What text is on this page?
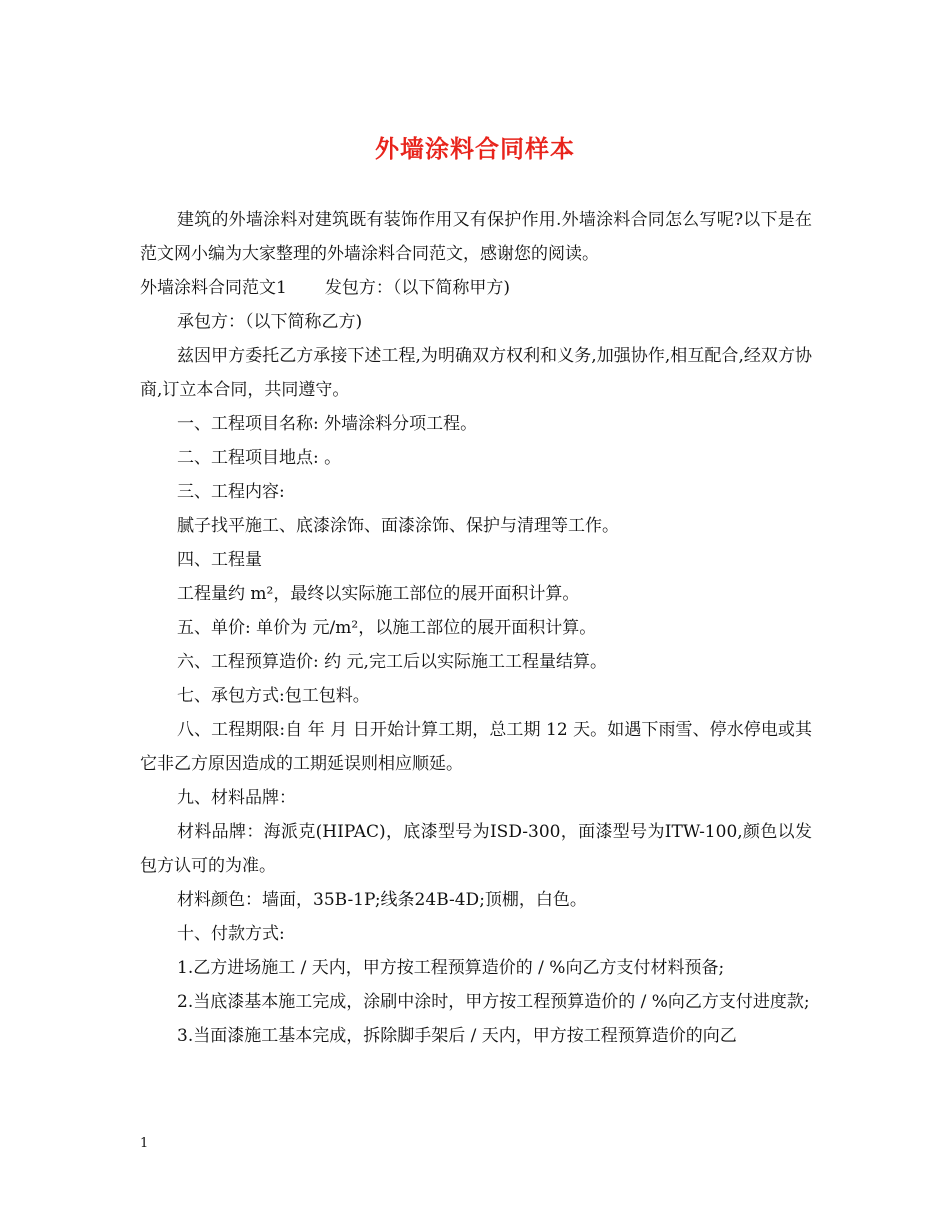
外墙涂料合同样本

建筑的外墙涂料对建筑既有装饰作用又有保护作用.外墙涂料合同怎么写呢?以下是在范文网小编为大家整理的外墙涂料合同范文，感谢您的阅读。

外墙涂料合同范文1 发包方：（以下简称甲方)

承包方：（以下简称乙方)

兹因甲方委托乙方承接下述工程,为明确双方权利和义务,加强协作,相互配合,经双方协商,订立本合同，共同遵守。

一、工程项目名称: 外墙涂料分项工程。

二、工程项目地点: 。

三、工程内容:

腻子找平施工、底漆涂饰、面漆涂饰、保护与清理等工作。

四、工程量

工程量约 m²，最终以实际施工部位的展开面积计算。

五、单价: 单价为 元/m²，以施工部位的展开面积计算。

六、工程预算造价: 约 元,完工后以实际施工工程量结算。

七、承包方式:包工包料。

八、工程期限:自 年 月 日开始计算工期，总工期 12 天。如遇下雨雪、停水停电或其它非乙方原因造成的工期延误则相应顺延。

九、材料品牌：

材料品牌：海派克(HIPAC)，底漆型号为ISD-300，面漆型号为ITW-100,颜色以发包方认可的为准。

材料颜色：墙面，35B-1P;线条24B-4D;顶棚，白色。

十、付款方式:

1.乙方进场施工 / 天内，甲方按工程预算造价的 / %向乙方支付材料预备;

2.当底漆基本施工完成，涂刷中涂时，甲方按工程预算造价的 / %向乙方支付进度款;

3.当面漆施工基本完成，拆除脚手架后 / 天内，甲方按工程预算造价的向乙

1
